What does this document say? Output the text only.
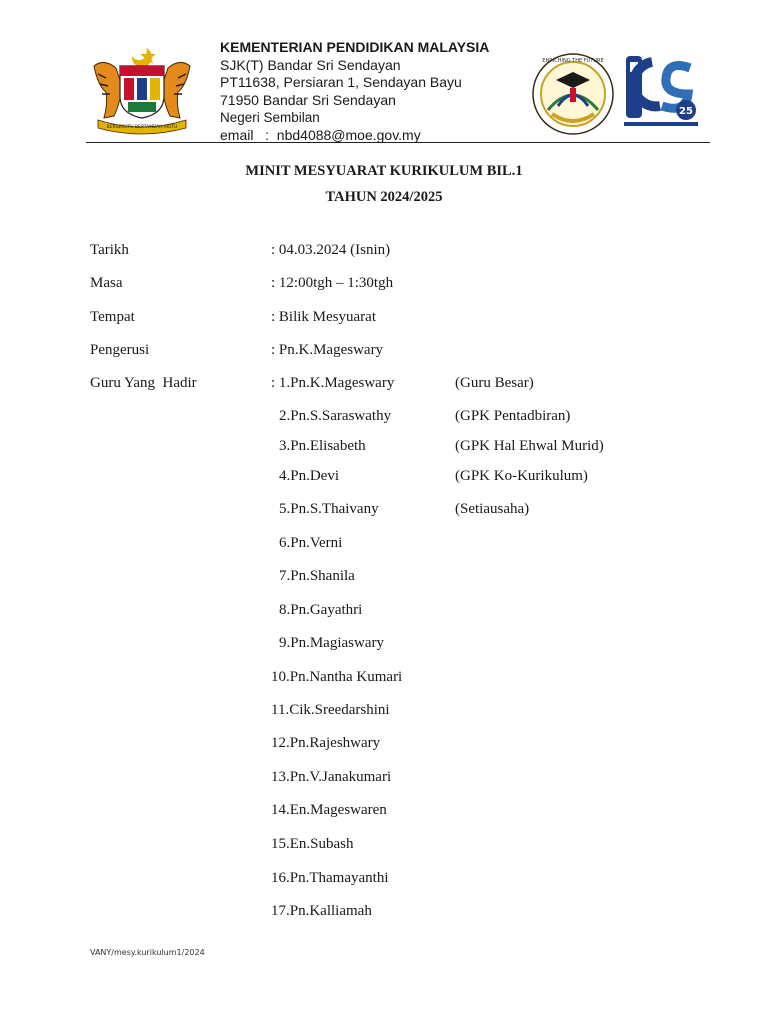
BERSEKUTU BERTAMBAH MUTU
ENRICHING THE FUTURE
25
KEMENTERIAN PENDIDIKAN MALAYSIA
SJK(T) Bandar Sri Sendayan
PT11638, Persiaran 1, Sendayan Bayu
71950 Bandar Sri Sendayan
Negeri Sembilan
email   :  nbd4088@moe.gov.my
MINIT MESYUARAT KURIKULUM BIL.1
TAHUN 2024/2025
Tarikh	: 04.03.2024 (Isnin)
Masa	: 12:00tgh – 1:30tgh
Tempat	: Bilik Mesyuarat
Pengerusi	: Pn.K.Mageswary
Guru Yang  Hadir	: 1.Pn.K.Mageswary	(Guru Besar)
2.Pn.S.Saraswathy	(GPK Pentadbiran)
3.Pn.Elisabeth	(GPK Hal Ehwal Murid)
4.Pn.Devi	(GPK Ko-Kurikulum)
5.Pn.S.Thaivany	(Setiausaha)
6.Pn.Verni
7.Pn.Shanila
8.Pn.Gayathri
9.Pn.Magiaswary
10.Pn.Nantha Kumari
11.Cik.Sreedarshini
12.Pn.Rajeshwary
13.Pn.V.Janakumari
14.En.Mageswaren
15.En.Subash
16.Pn.Thamayanthi
17.Pn.Kalliamah
VANY/mesy.kurikulum1/2024
